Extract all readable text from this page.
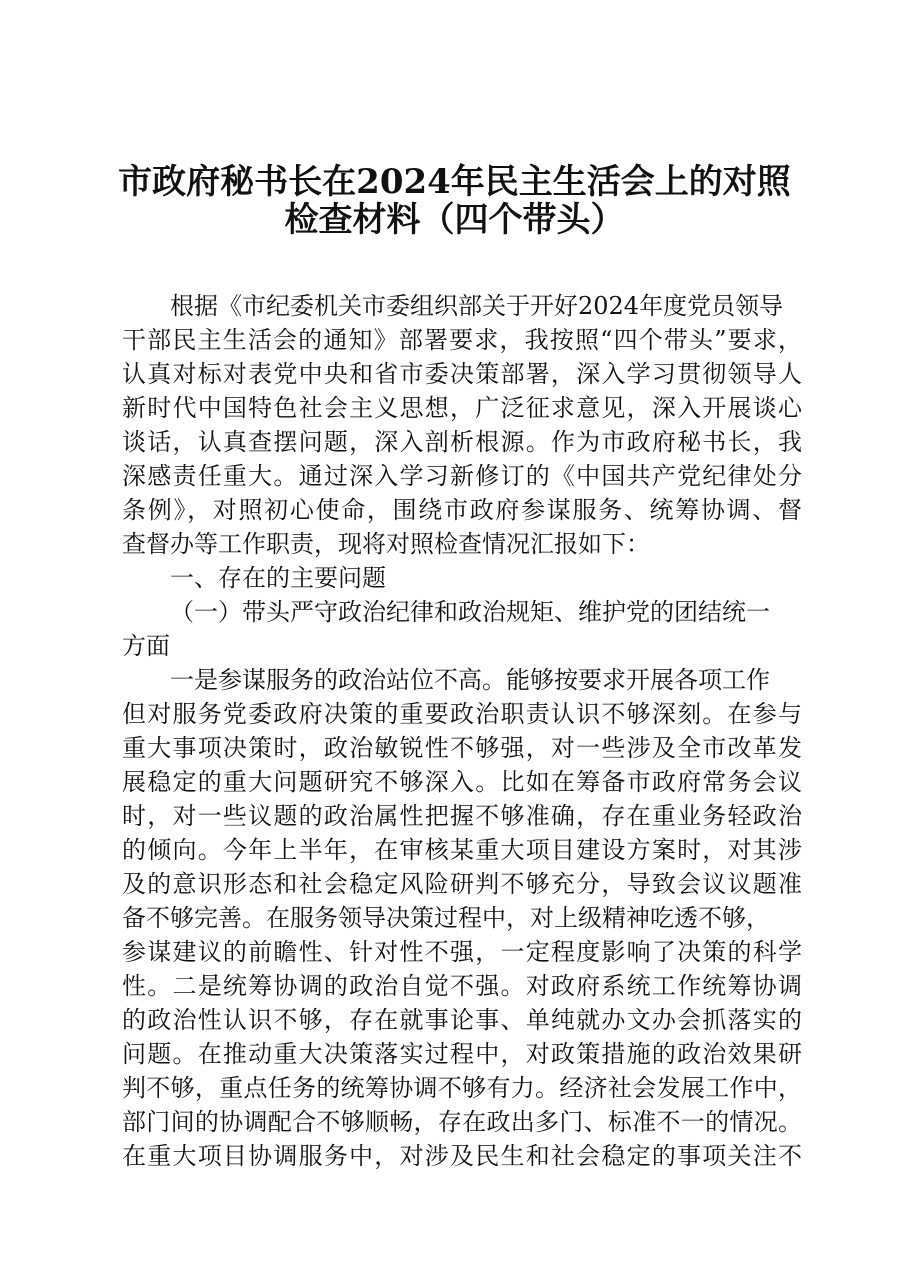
市政府秘书长在2024年民主生活会上的对照
检查材料（四个带头）
根据《市纪委机关市委组织部关于开好2024年度党员领导
干部民主生活会的通知》部署要求，我按照“四个带头”要求，
认真对标对表党中央和省市委决策部署，深入学习贯彻领导人
新时代中国特色社会主义思想，广泛征求意见，深入开展谈心
谈话，认真查摆问题，深入剖析根源。作为市政府秘书长，我
深感责任重大。通过深入学习新修订的《中国共产党纪律处分
条例》，对照初心使命，围绕市政府参谋服务、统筹协调、督
查督办等工作职责，现将对照检查情况汇报如下：
一、存在的主要问题
（一）带头严守政治纪律和政治规矩、维护党的团结统一
方面
一是参谋服务的政治站位不高。能够按要求开展各项工作
但对服务党委政府决策的重要政治职责认识不够深刻。在参与
重大事项决策时，政治敏锐性不够强，对一些涉及全市改革发
展稳定的重大问题研究不够深入。比如在筹备市政府常务会议
时，对一些议题的政治属性把握不够准确，存在重业务轻政治
的倾向。今年上半年，在审核某重大项目建设方案时，对其涉
及的意识形态和社会稳定风险研判不够充分，导致会议议题准
备不够完善。在服务领导决策过程中，对上级精神吃透不够，
参谋建议的前瞻性、针对性不强，一定程度影响了决策的科学
性。二是统筹协调的政治自觉不强。对政府系统工作统筹协调
的政治性认识不够，存在就事论事、单纯就办文办会抓落实的
问题。在推动重大决策落实过程中，对政策措施的政治效果研
判不够，重点任务的统筹协调不够有力。经济社会发展工作中，
部门间的协调配合不够顺畅，存在政出多门、标准不一的情况。
在重大项目协调服务中，对涉及民生和社会稳定的事项关注不
